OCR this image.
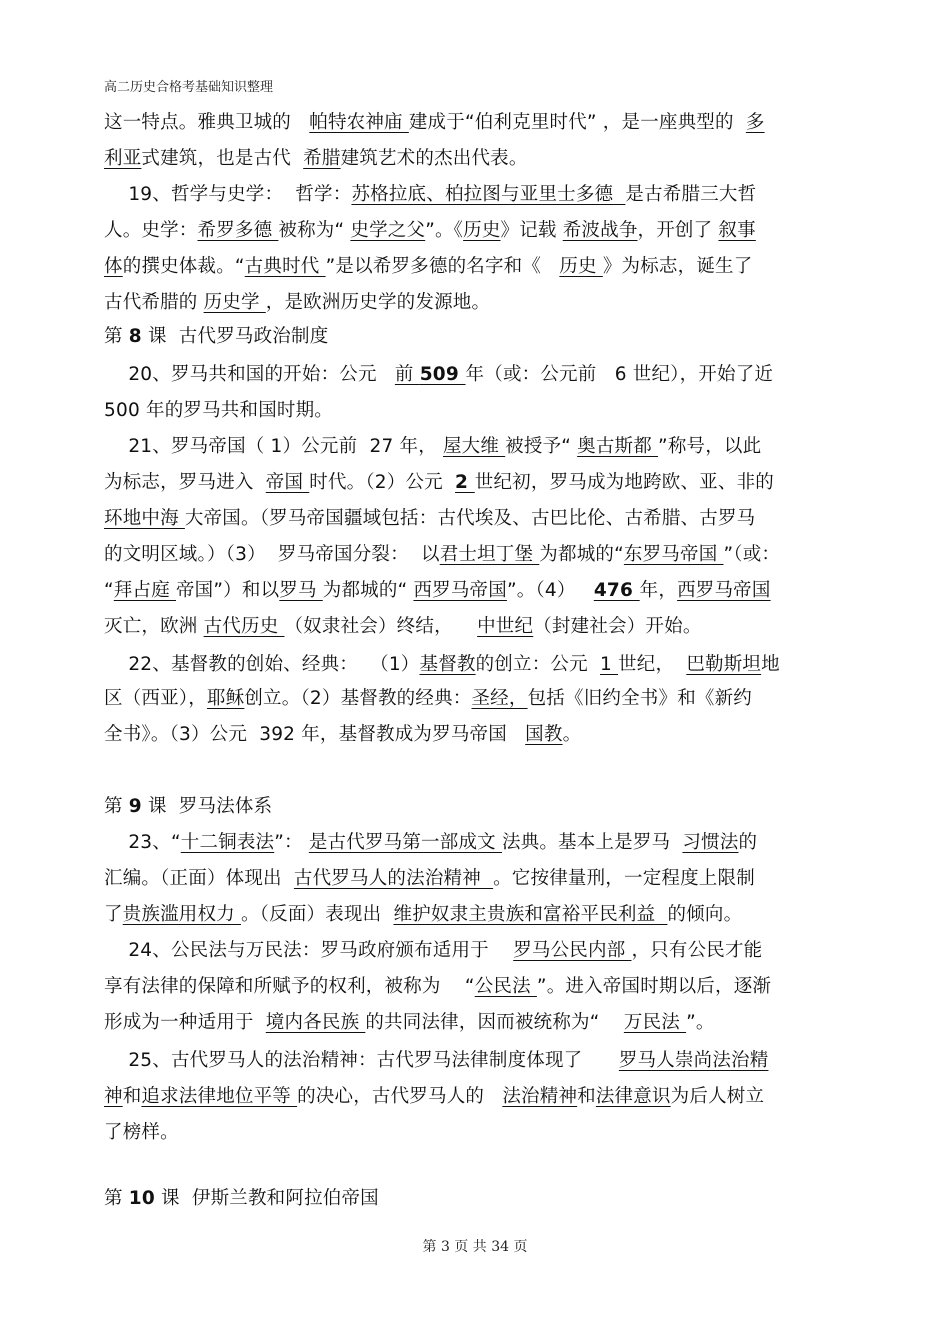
高二历史合格考基础知识整理
这一特点。雅典卫城的   帕特农神庙 建成于“伯利克里时代” ，是一座典型的  多
利亚式建筑，也是古代  希腊建筑艺术的杰出代表。
19、哲学与史学：  哲学：苏格拉底、柏拉图与亚里士多德  是古希腊三大哲
人。史学：希罗多德 被称为“ 史学之父”。《历史》记载 希波战争，开创了 叙事
体的撰史体裁。“古典时代 ”是以希罗多德的名字和《   历史 》为标志，诞生了
古代希腊的 历史学 ，是欧洲历史学的发源地。
第 8 课  古代罗马政治制度
20、罗马共和国的开始：公元   前 509 年（或：公元前   6 世纪），开始了近
500 年的罗马共和国时期。
21、罗马帝国（ 1）公元前  27 年， 屋大维 被授予“ 奥古斯都 ”称号，以此
为标志，罗马进入  帝国 时代。（2）公元  2 世纪初，罗马成为地跨欧、亚、非的
环地中海 大帝国。（罗马帝国疆域包括：古代埃及、古巴比伦、古希腊、古罗马
的文明区域。）（3）  罗马帝国分裂：  以君士坦丁堡 为都城的“东罗马帝国 ”（或：
“拜占庭 帝国”）和以罗马 为都城的“ 西罗马帝国”。（4）   476 年，西罗马帝国
灭亡，欧洲 古代历史 （奴隶社会）终结，    中世纪（封建社会）开始。
22、基督教的创始、经典：  （1）基督教的创立：公元  1 世纪，  巴勒斯坦地
区（西亚），耶稣创立。（2）基督教的经典：圣经，包括《旧约全书》和《新约
全书》。（3）公元  392 年，基督教成为罗马帝国   国教。
第 9 课  罗马法体系
23、“十二铜表法”： 是古代罗马第一部成文 法典。基本上是罗马  习惯法的
汇编。（正面）体现出  古代罗马人的法治精神  。它按律量刑，一定程度上限制
了贵族滥用权力 。（反面）表现出  维护奴隶主贵族和富裕平民利益  的倾向。
24、公民法与万民法：罗马政府颁布适用于    罗马公民内部 ，只有公民才能
享有法律的保障和所赋予的权利，被称为    “公民法 ”。进入帝国时期以后，逐渐
形成为一种适用于  境内各民族 的共同法律，因而被统称为“    万民法 ”。
25、古代罗马人的法治精神：古代罗马法律制度体现了      罗马人崇尚法治精
神和追求法律地位平等 的决心，古代罗马人的   法治精神和法律意识为后人树立
了榜样。
第 10 课  伊斯兰教和阿拉伯帝国
第 3 页 共 34 页
